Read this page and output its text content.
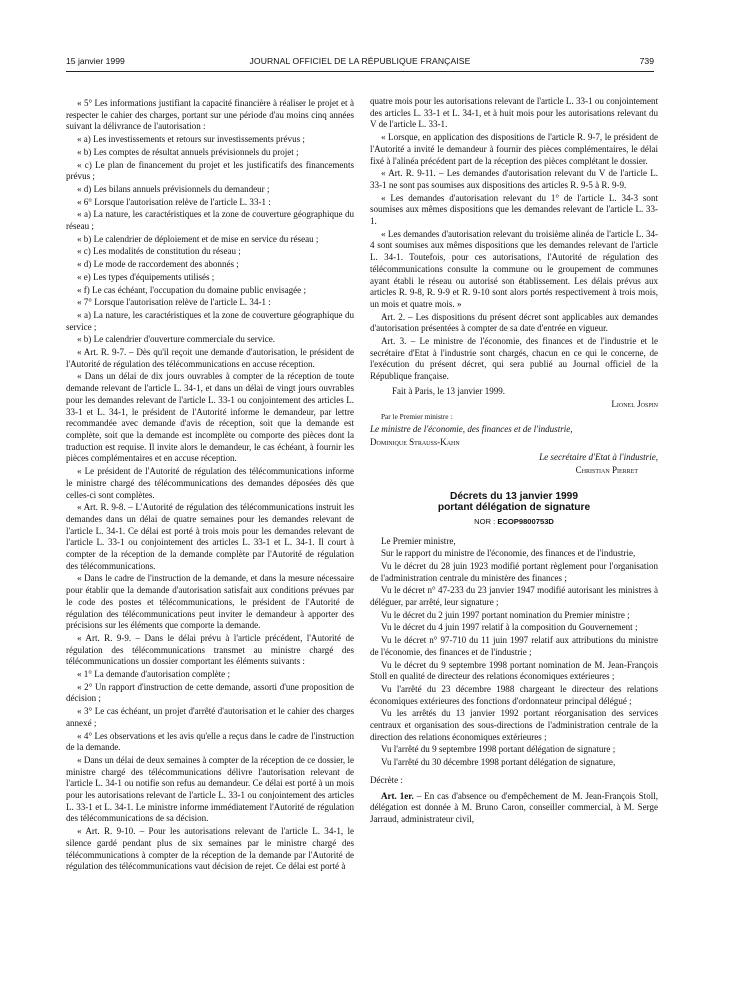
15 janvier 1999	JOURNAL OFFICIEL DE LA RÉPUBLIQUE FRANÇAISE	739

« 5° Les informations justifiant la capacité financière à réaliser le projet et à respecter le cahier des charges, portant sur une période d'au moins cinq années suivant la délivrance de l'autorisation :

« a) Les investissements et retours sur investissements prévus ;

« b) Les comptes de résultat annuels prévisionnels du projet ;

« c) Le plan de financement du projet et les justificatifs des financements prévus ;

« d) Les bilans annuels prévisionnels du demandeur ;

« 6° Lorsque l'autorisation relève de l'article L. 33-1 :

« a) La nature, les caractéristiques et la zone de couverture géographique du réseau ;

« b) Le calendrier de déploiement et de mise en service du réseau ;

« c) Les modalités de constitution du réseau ;

« d) Le mode de raccordement des abonnés ;

« e) Les types d'équipements utilisés ;

« f) Le cas échéant, l'occupation du domaine public envisagée ;

« 7° Lorsque l'autorisation relève de l'article L. 34-1 :

« a) La nature, les caractéristiques et la zone de couverture géographique du service ;

« b) Le calendrier d'ouverture commerciale du service.

« Art. R. 9-7. – Dès qu'il reçoit une demande d'autorisation, le président de l'Autorité de régulation des télécommunications en accuse réception.

« Dans un délai de dix jours ouvrables à compter de la réception de toute demande relevant de l'article L. 34-1, et dans un délai de vingt jours ouvrables pour les demandes relevant de l'article L. 33-1 ou conjointement des articles L. 33-1 et L. 34-1, le président de l'Autorité informe le demandeur, par lettre recommandée avec demande d'avis de réception, soit que la demande est complète, soit que la demande est incomplète ou comporte des pièces dont la traduction est requise. Il invite alors le demandeur, le cas échéant, à fournir les pièces complémentaires et en accuse réception.

« Le président de l'Autorité de régulation des télécommunications informe le ministre chargé des télécommunications des demandes déposées dès que celles-ci sont complètes.

« Art. R. 9-8. – L'Autorité de régulation des télécommunications instruit les demandes dans un délai de quatre semaines pour les demandes relevant de l'article L. 34-1. Ce délai est porté à trois mois pour les demandes relevant de l'article L. 33-1 ou conjointement des articles L. 33-1 et L. 34-1. Il court à compter de la réception de la demande complète par l'Autorité de régulation des télécommunications.

« Dans le cadre de l'instruction de la demande, et dans la mesure nécessaire pour établir que la demande d'autorisation satisfait aux conditions prévues par le code des postes et télécommunications, le président de l'Autorité de régulation des télécommunications peut inviter le demandeur à apporter des précisions sur les éléments que comporte la demande.

« Art. R. 9-9. – Dans le délai prévu à l'article précédent, l'Autorité de régulation des télécommunications transmet au ministre chargé des télécommunications un dossier comportant les éléments suivants :

« 1° La demande d'autorisation complète ;

« 2° Un rapport d'instruction de cette demande, assorti d'une proposition de décision ;

« 3° Le cas échéant, un projet d'arrêté d'autorisation et le cahier des charges annexé ;

« 4° Les observations et les avis qu'elle a reçus dans le cadre de l'instruction de la demande.

« Dans un délai de deux semaines à compter de la réception de ce dossier, le ministre chargé des télécommunications délivre l'autorisation relevant de l'article L. 34-1 ou notifie son refus au demandeur. Ce délai est porté à un mois pour les autorisations relevant de l'article L. 33-1 ou conjointement des articles L. 33-1 et L. 34-1. Le ministre informe immédiatement l'Autorité de régulation des télécommunications de sa décision.

« Art. R. 9-10. – Pour les autorisations relevant de l'article L. 34-1, le silence gardé pendant plus de six semaines par le ministre chargé des télécommunications à compter de la réception de la demande par l'Autorité de régulation des télécommunications vaut décision de rejet. Ce délai est porté à

quatre mois pour les autorisations relevant de l'article L. 33-1 ou conjointement des articles L. 33-1 et L. 34-1, et à huit mois pour les autorisations relevant du V de l'article L. 33-1.

« Lorsque, en application des dispositions de l'article R. 9-7, le président de l'Autorité a invité le demandeur à fournir des pièces complémentaires, le délai fixé à l'alinéa précédent part de la réception des pièces complétant le dossier.

« Art. R. 9-11. – Les demandes d'autorisation relevant du V de l'article L. 33-1 ne sont pas soumises aux dispositions des articles R. 9-5 à R. 9-9.

« Les demandes d'autorisation relevant du 1° de l'article L. 34-3 sont soumises aux mêmes dispositions que les demandes relevant de l'article L. 33-1.

« Les demandes d'autorisation relevant du troisième alinéa de l'article L. 34-4 sont soumises aux mêmes dispositions que les demandes relevant de l'article L. 34-1. Toutefois, pour ces autorisations, l'Autorité de régulation des télécommunications consulte la commune ou le groupement de communes ayant établi le réseau ou autorisé son établissement. Les délais prévus aux articles R. 9-8, R. 9-9 et R. 9-10 sont alors portés respectivement à trois mois, un mois et quatre mois. »

Art. 2. – Les dispositions du présent décret sont applicables aux demandes d'autorisation présentées à compter de sa date d'entrée en vigueur.

Art. 3. – Le ministre de l'économie, des finances et de l'industrie et le secrétaire d'Etat à l'industrie sont chargés, chacun en ce qui le concerne, de l'exécution du présent décret, qui sera publié au Journal officiel de la République française.

Fait à Paris, le 13 janvier 1999.

Lionel Jospin

Par le Premier ministre :

Le ministre de l'économie, des finances et de l'industrie,

Dominique Strauss-Kahn

Le secrétaire d'Etat à l'industrie,
Christian Pierret
Décrets du 13 janvier 1999
portant délégation de signature
NOR : ECOP9800753D

Le Premier ministre,

Sur le rapport du ministre de l'économie, des finances et de l'industrie,

Vu le décret du 28 juin 1923 modifié portant règlement pour l'organisation de l'administration centrale du ministère des finances ;

Vu le décret n° 47-233 du 23 janvier 1947 modifié autorisant les ministres à déléguer, par arrêté, leur signature ;

Vu le décret du 2 juin 1997 portant nomination du Premier ministre ;

Vu le décret du 4 juin 1997 relatif à la composition du Gouvernement ;

Vu le décret n° 97-710 du 11 juin 1997 relatif aux attributions du ministre de l'économie, des finances et de l'industrie ;

Vu le décret du 9 septembre 1998 portant nomination de M. Jean-François Stoll en qualité de directeur des relations économiques extérieures ;

Vu l'arrêté du 23 décembre 1988 chargeant le directeur des relations économiques extérieures des fonctions d'ordonnateur principal délégué ;

Vu les arrêtés du 13 janvier 1992 portant réorganisation des services centraux et organisation des sous-directions de l'administration centrale de la direction des relations économiques extérieures ;

Vu l'arrêté du 9 septembre 1998 portant délégation de signature ;

Vu l'arrêté du 30 décembre 1998 portant délégation de signature,

Décrète :

Art. 1er. – En cas d'absence ou d'empêchement de M. Jean-François Stoll, délégation est donnée à M. Bruno Caron, conseiller commercial, à M. Serge Jarraud, administrateur civil,
